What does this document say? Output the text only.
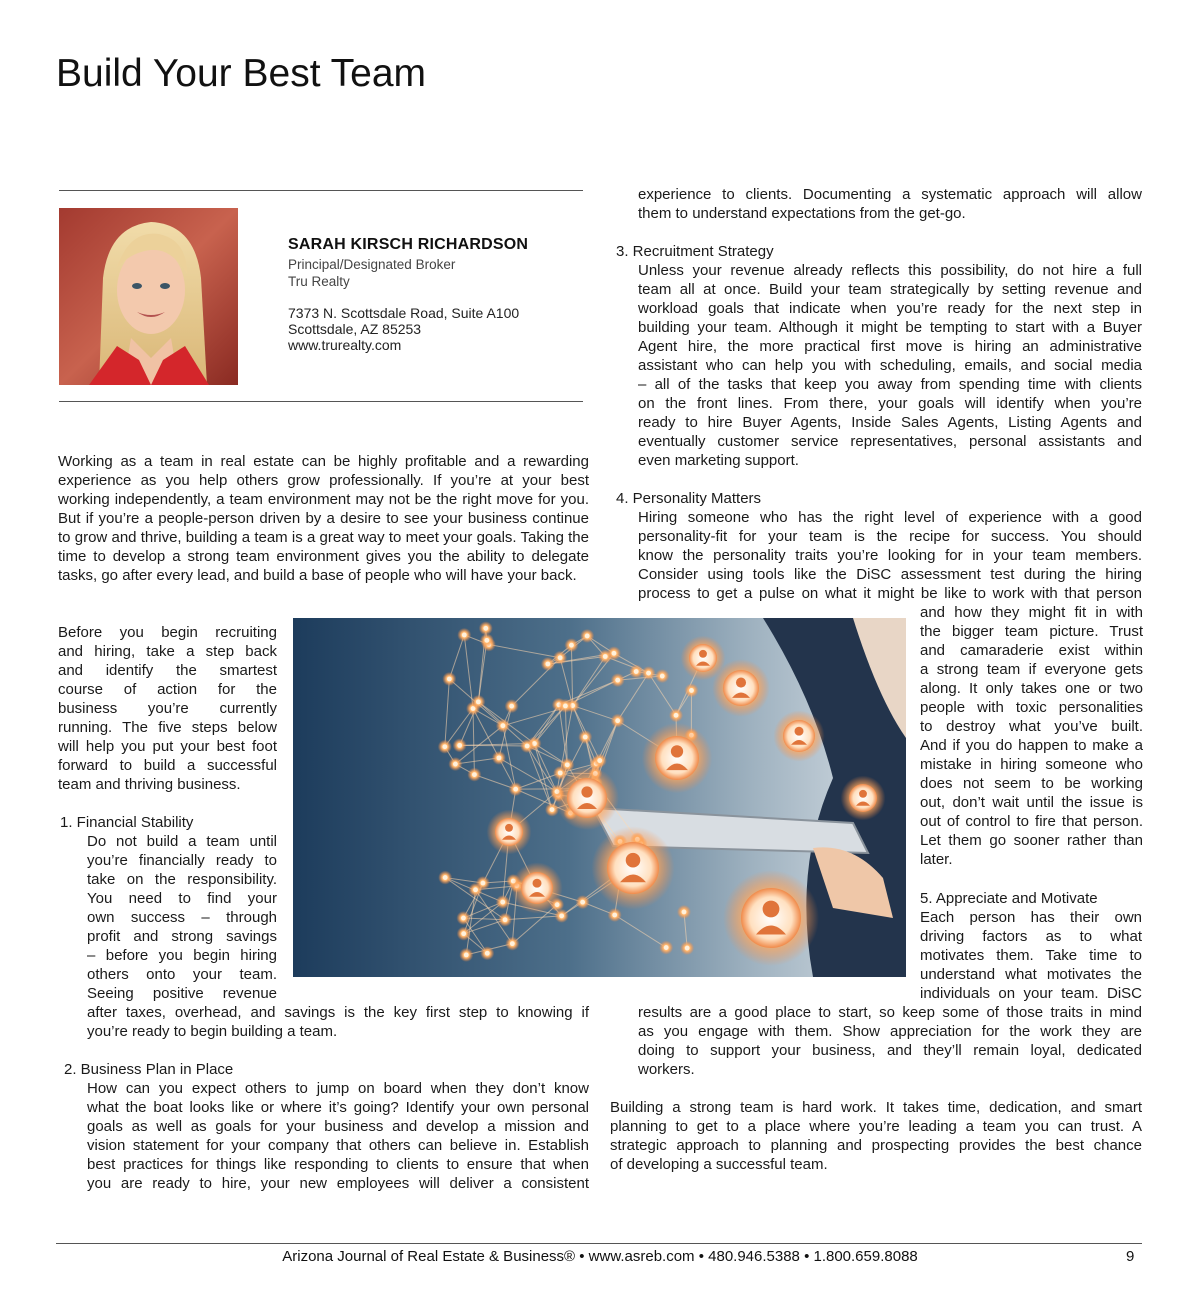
Build Your Best Team
SARAH KIRSCH RICHARDSON
Principal/Designated Broker
Tru Realty
7373 N. Scottsdale Road, Suite A100
Scottsdale, AZ 85253
www.trurealty.com
Working as a team in real estate can be highly profitable and a rewarding experience as you help others grow professionally. If you’re at your best working independently, a team environment may not be the right move for you. But if you’re a people-person driven by a desire to see your business continue to grow and thrive, building a team is a great way to meet your goals. Taking the time to develop a strong team environment gives you the ability to delegate tasks, go after every lead, and build a base of people who will have your back.
Before you begin recruiting
and hiring, take a step back
and identify the smartest
course of action for the
business you’re currently
running. The five steps below
will help you put your best foot
forward to build a successful
team and thriving business.
1. Financial Stability
Do not build a team until
you’re financially ready to
take on the responsibility.
You need to find your
own success – through
profit and strong savings
– before you begin hiring
others onto your team.
Seeing positive revenue
after taxes, overhead, and savings is the key first step to knowing if
you’re ready to begin building a team.
2. Business Plan in Place
How can you expect others to jump on board when they don’t know
what the boat looks like or where it’s going? Identify your own personal
goals as well as goals for your business and develop a mission and
vision statement for your company that others can believe in. Establish
best practices for things like responding to clients to ensure that when
you are ready to hire, your new employees will deliver a consistent
experience to clients. Documenting a systematic approach will allow
them to understand expectations from the get-go.
3. Recruitment Strategy
Unless your revenue already reflects this possibility, do not hire a full
team all at once. Build your team strategically by setting revenue and
workload goals that indicate when you’re ready for the next step in
building your team. Although it might be tempting to start with a Buyer
Agent hire, the more practical first move is hiring an administrative
assistant who can help you with scheduling, emails, and social media
– all of the tasks that keep you away from spending time with clients
on the front lines. From there, your goals will identify when you’re
ready to hire Buyer Agents, Inside Sales Agents, Listing Agents and
eventually customer service representatives, personal assistants and
even marketing support.
4. Personality Matters
Hiring someone who has the right level of experience with a good
personality-fit for your team is the recipe for success. You should
know the personality traits you’re looking for in your team members.
Consider using tools like the DiSC assessment test during the hiring
process to get a pulse on what it might be like to work with that person
and how they might fit in with
the bigger team picture. Trust
and camaraderie exist within
a strong team if everyone gets
along. It only takes one or two
people with toxic personalities
to destroy what you’ve built.
And if you do happen to make a
mistake in hiring someone who
does not seem to be working
out, don’t wait until the issue is
out of control to fire that person.
Let them go sooner rather than
later.
5. Appreciate and Motivate
Each person has their own
driving factors as to what
motivates them. Take time to
understand what motivates the
individuals on your team. DiSC
results are a good place to start, so keep some of those traits in mind
as you engage with them. Show appreciation for the work they are
doing to support your business, and they’ll remain loyal, dedicated
workers.
Building a strong team is hard work. It takes time, dedication, and smart
planning to get to a place where you’re leading a team you can trust. A
strategic approach to planning and prospecting provides the best chance
of developing a successful team.
Arizona Journal of Real Estate & Business® • www.asreb.com • 480.946.5388 • 1.800.659.8088	9
